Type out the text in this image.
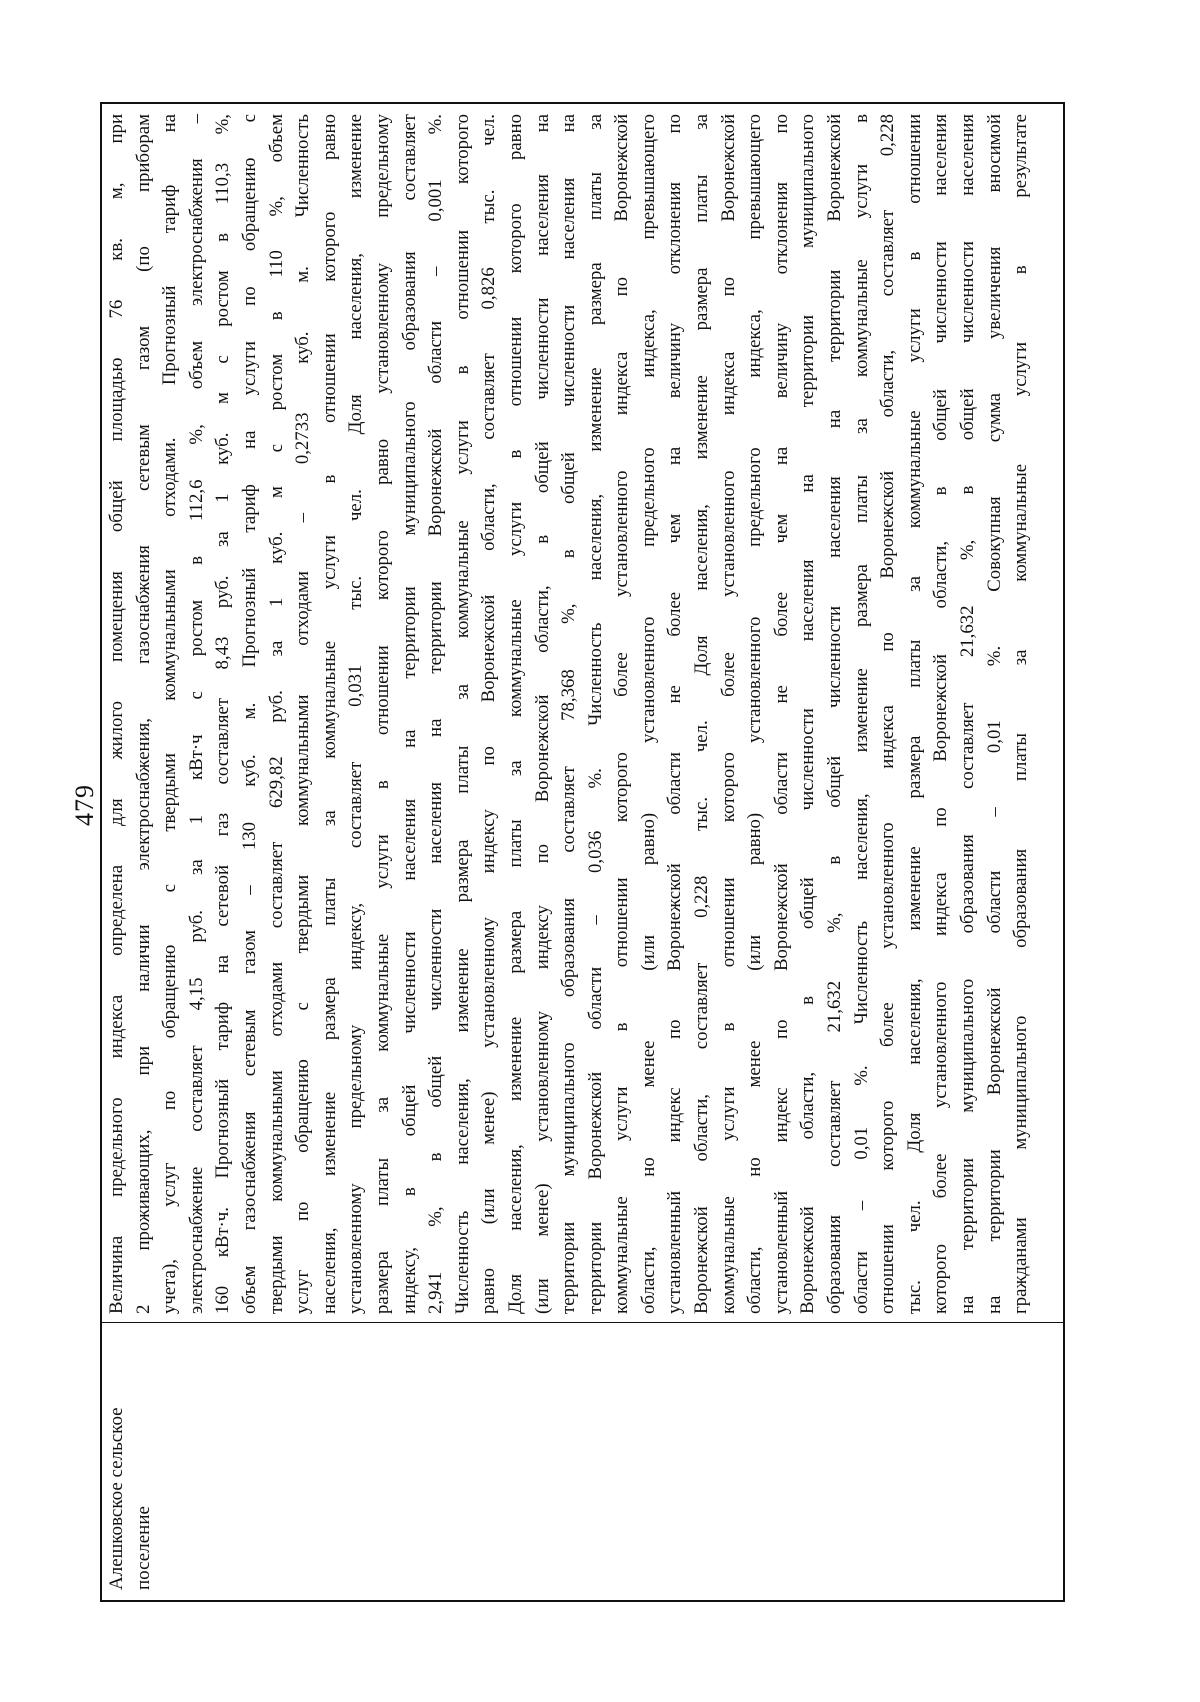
479
Алешковское сельское поселение
Величина предельного индекса определена для жилого помещения общей площадью 76 кв. м, при 2 проживающих, при наличии электроснабжения, газоснабжения сетевым газом (по приборам учета), услуг по обращению с твердыми коммунальными отходами. Прогнозный тариф на электроснабжение составляет 4,15 руб. за 1 кВт·ч с ростом в 112,6 %, объем электроснабжения – 160 кВт·ч. Прогнозный тариф на сетевой газ составляет 8,43 руб. за 1 куб. м с ростом в 110,3 %, объем газоснабжения сетевым газом – 130 куб. м. Прогнозный тариф на услуги по обращению с твердыми коммунальными отходами составляет 629,82 руб. за 1 куб. м с ростом в 110 %, объем услуг по обращению с твердыми коммунальными отходами – 0,2733 куб. м. Численность населения, изменение размера платы за коммунальные услуги в отношении которого равно установленному предельному индексу, составляет 0,031 тыс. чел. Доля населения, изменение размера платы за коммунальные услуги в отношении которого равно установленному предельному индексу, в общей численности населения на территории муниципального образования составляет 2,941 %, в общей численности населения на территории Воронежской области – 0,001 %. Численность населения, изменение размера платы за коммунальные услуги в отношении которого равно (или менее) установленному индексу по Воронежской области, составляет 0,826 тыс. чел. Доля населения, изменение размера платы за коммунальные услуги в отношении которого равно (или менее) установленному индексу по Воронежской области, в общей численности населения на территории муниципального образования составляет 78,368 %, в общей численности населения на территории Воронежской области – 0,036 %. Численность населения, изменение размера платы за коммунальные услуги в отношении которого более установленного индекса по Воронежской области, но менее (или равно) установленного предельного индекса, превышающего установленный индекс по Воронежской области не более чем на величину отклонения по Воронежской области, составляет 0,228 тыс. чел. Доля населения, изменение размера платы за коммунальные услуги в отношении которого более установленного индекса по Воронежской области, но менее (или равно) установленного предельного индекса, превышающего установленный индекс по Воронежской области не более чем на величину отклонения по Воронежской области, в общей численности населения на территории муниципального образования составляет 21,632 %, в общей численности населения на территории Воронежской области – 0,01 %. Численность населения, изменение размера платы за коммунальные услуги в отношении которого более установленного индекса по Воронежской области, составляет 0,228 тыс. чел. Доля населения, изменение размера платы за коммунальные услуги в отношении которого более установленного индекса по Воронежской области, в общей численности населения на территории муниципального образования составляет 21,632 %, в общей численности населения на территории Воронежской области – 0,01 %. Совокупная сумма увеличения вносимой гражданами муниципального образования платы за коммунальные услуги в результате
